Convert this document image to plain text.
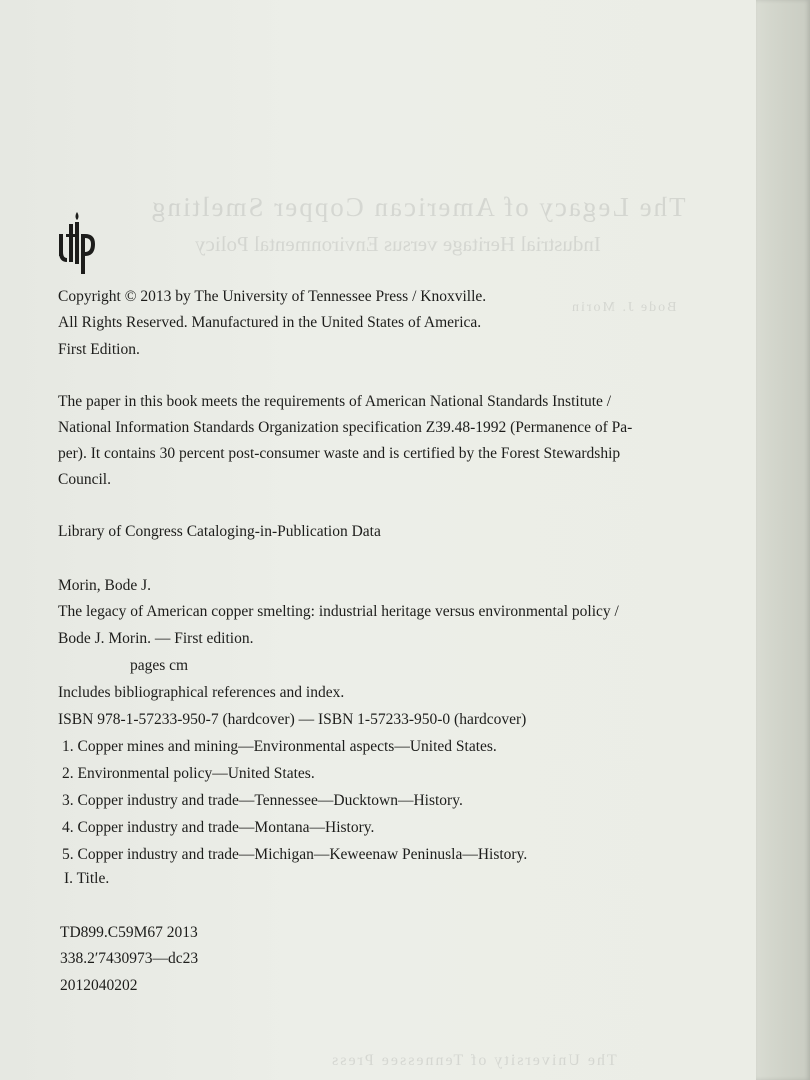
The Legacy of American Copper Smelting
Industrial Heritage versus Environmental Policy
Bode J. Morin
The University of Tennessee Press
Copyright © 2013 by The University of Tennessee Press / Knoxville.
All Rights Reserved. Manufactured in the United States of America.
First Edition.
The paper in this book meets the requirements of American National Standards Institute /
National Information Standards Organization specification Z39.48-1992 (Permanence of Pa-
per). It contains 30 percent post-consumer waste and is certified by the Forest Stewardship
Council.
Library of Congress Cataloging-in-Publication Data
Morin, Bode J.
The legacy of American copper smelting: industrial heritage versus environmental policy /
Bode J. Morin. — First edition.
pages cm
Includes bibliographical references and index.
ISBN 978-1-57233-950-7 (hardcover) — ISBN 1-57233-950-0 (hardcover)
1. Copper mines and mining—Environmental aspects—United States.
2. Environmental policy—United States.
3. Copper industry and trade—Tennessee—Ducktown—History.
4. Copper industry and trade—Montana—History.
5. Copper industry and trade—Michigan—Keweenaw Peninusla—History.
I. Title.
TD899.C59M67 2013
338.2′7430973—dc23
2012040202
